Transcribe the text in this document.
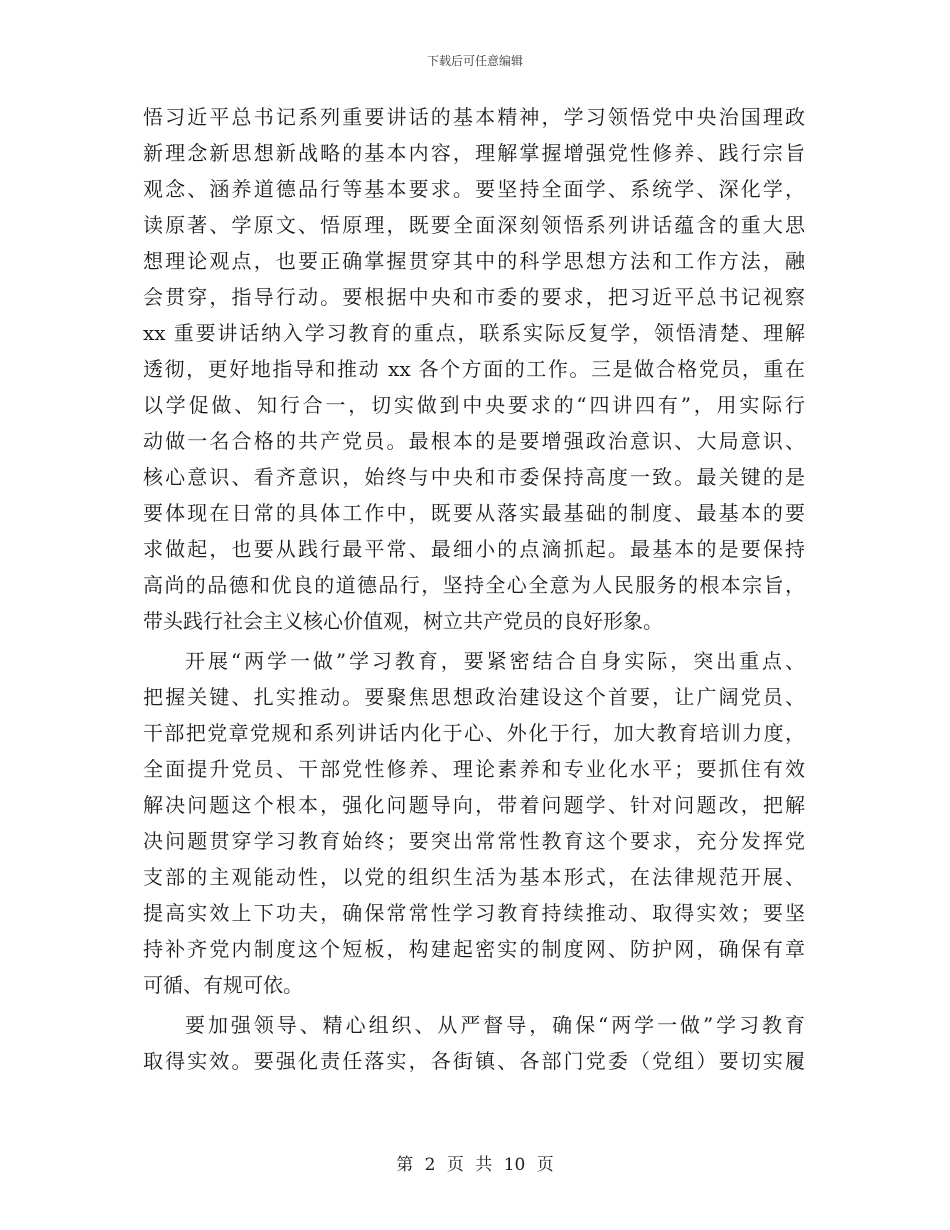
下载后可任意编辑
悟习近平总书记系列重要讲话的基本精神，学习领悟党中央治国理政
新理念新思想新战略的基本内容，理解掌握增强党性修养、践行宗旨
观念、涵养道德品行等基本要求。要坚持全面学、系统学、深化学，
读原著、学原文、悟原理，既要全面深刻领悟系列讲话蕴含的重大思
想理论观点，也要正确掌握贯穿其中的科学思想方法和工作方法，融
会贯穿，指导行动。要根据中央和市委的要求，把习近平总书记视察
xx 重要讲话纳入学习教育的重点，联系实际反复学，领悟清楚、理解
透彻，更好地指导和推动 xx 各个方面的工作。三是做合格党员，重在
以学促做、知行合一，切实做到中央要求的“四讲四有”，用实际行
动做一名合格的共产党员。最根本的是要增强政治意识、大局意识、
核心意识、看齐意识，始终与中央和市委保持高度一致。最关键的是
要体现在日常的具体工作中，既要从落实最基础的制度、最基本的要
求做起，也要从践行最平常、最细小的点滴抓起。最基本的是要保持
高尚的品德和优良的道德品行，坚持全心全意为人民服务的根本宗旨，
带头践行社会主义核心价值观，树立共产党员的良好形象。
开展“两学一做”学习教育，要紧密结合自身实际，突出重点、
把握关键、扎实推动。要聚焦思想政治建设这个首要，让广阔党员、
干部把党章党规和系列讲话内化于心、外化于行，加大教育培训力度，
全面提升党员、干部党性修养、理论素养和专业化水平；要抓住有效
解决问题这个根本，强化问题导向，带着问题学、针对问题改，把解
决问题贯穿学习教育始终；要突出常常性教育这个要求，充分发挥党
支部的主观能动性，以党的组织生活为基本形式，在法律规范开展、
提高实效上下功夫，确保常常性学习教育持续推动、取得实效；要坚
持补齐党内制度这个短板，构建起密实的制度网、防护网，确保有章
可循、有规可依。
要加强领导、精心组织、从严督导，确保“两学一做”学习教育
取得实效。要强化责任落实，各街镇、各部门党委（党组）要切实履
第 2 页 共 10 页
